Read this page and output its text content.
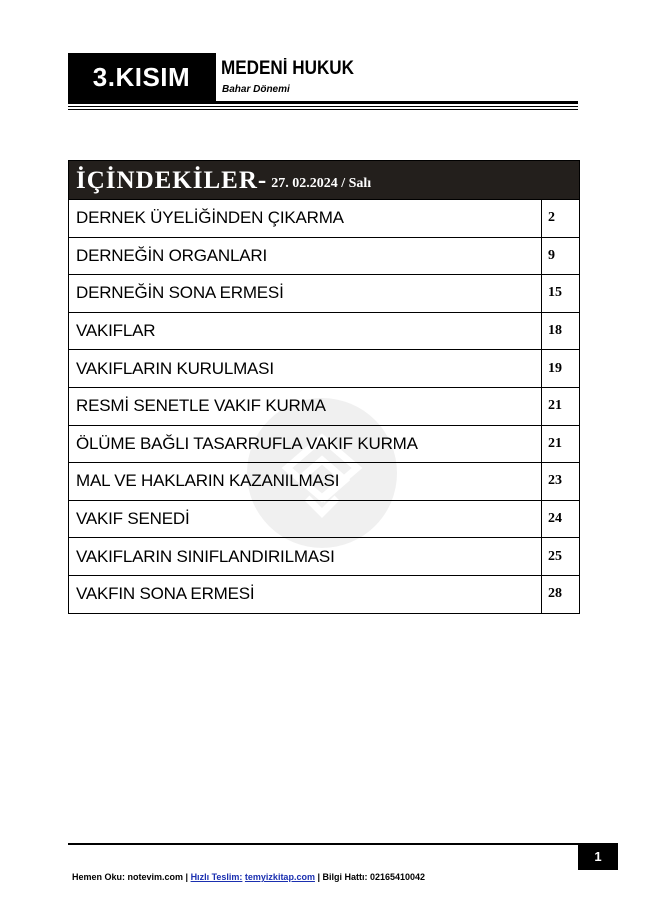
3.KISIM MEDENİ HUKUK
Bahar Dönemi
İÇİNDEKİLER- 27. 02.2024 / Salı
DERNEK ÜYELİĞİNDEN ÇIKARMA	2
DERNEĞİN ORGANLARI	9
DERNEĞİN SONA ERMESİ	15
VAKIFLAR	18
VAKIFLARIN KURULMASI	19
RESMİ SENETLE VAKIF KURMA	21
ÖLÜME BAĞLI TASARRUFLA VAKIF KURMA	21
MAL VE HAKLARIN KAZANILMASI	23
VAKIF SENEDİ	24
VAKIFLARIN SINIFLANDIRILMASI	25
VAKFIN SONA ERMESİ	28
1
Hemen Oku: notevim.com | Hızlı Teslim: temyizkitap.com | Bilgi Hattı: 02165410042
